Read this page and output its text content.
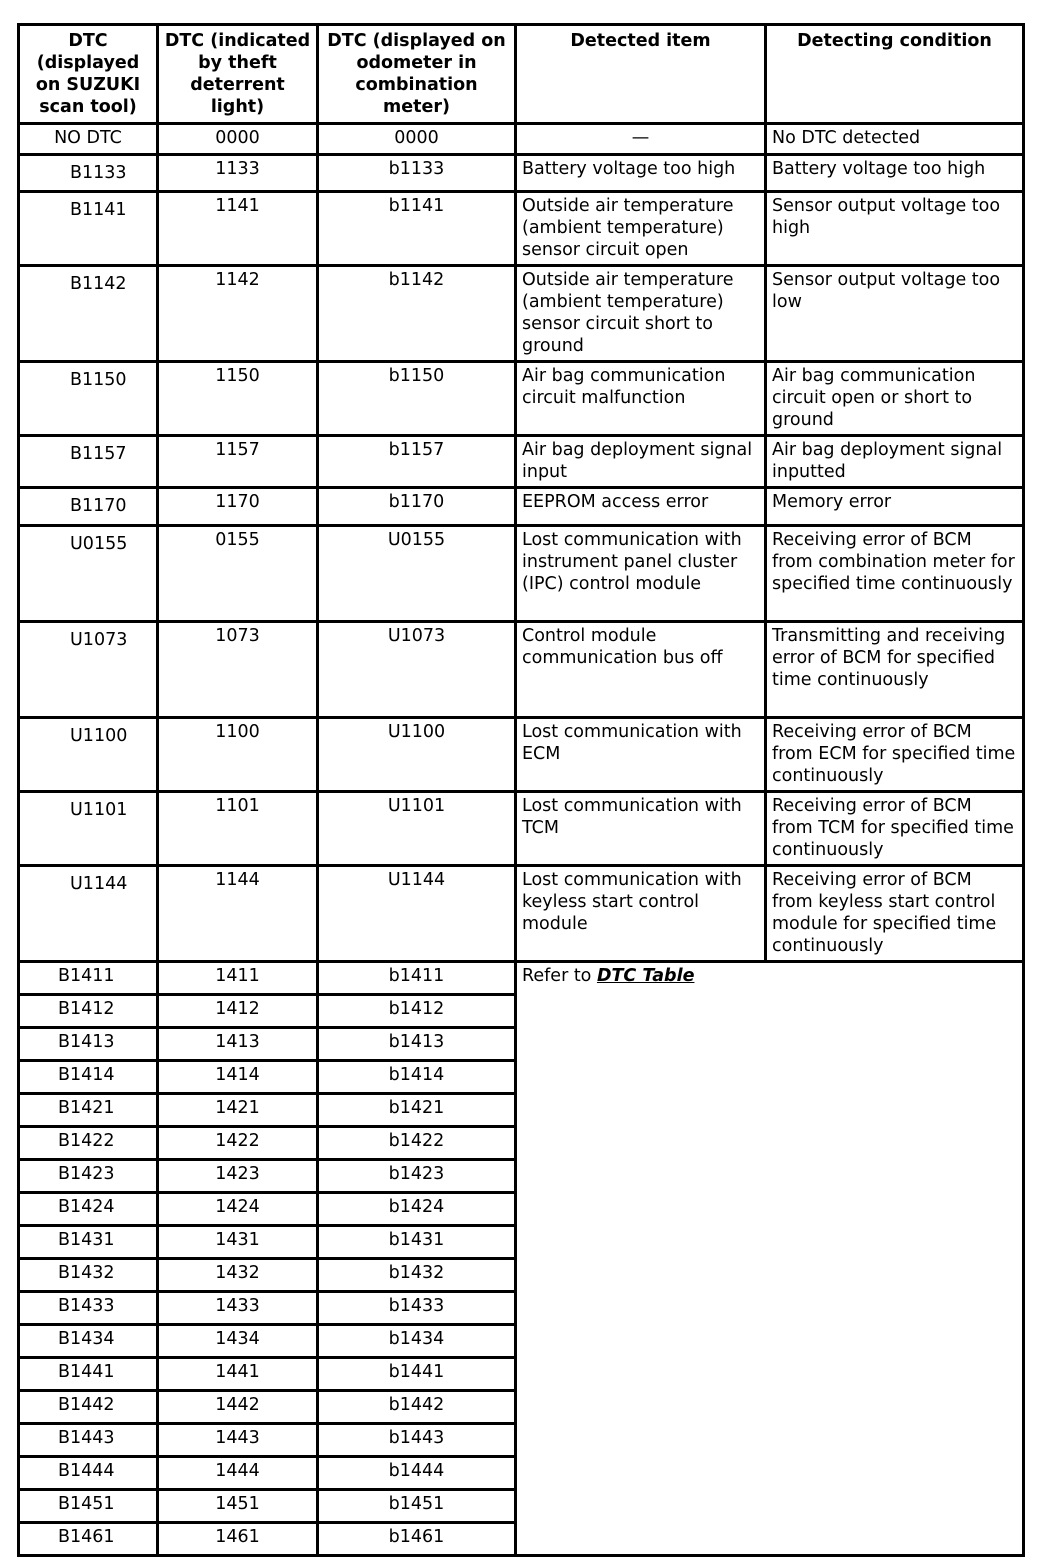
DTC (displayed on SUZUKI scan tool)	DTC (indicated by theft deterrent light)	DTC (displayed on odometer in combination meter)	Detected item	Detecting condition
NO DTC	0000	0000	—	No DTC detected
B1133	1133	b1133	Battery voltage too high	Battery voltage too high
B1141	1141	b1141	Outside air temperature (ambient temperature) sensor circuit open	Sensor output voltage too high
B1142	1142	b1142	Outside air temperature (ambient temperature) sensor circuit short to ground	Sensor output voltage too low
B1150	1150	b1150	Air bag communication circuit malfunction	Air bag communication circuit open or short to ground
B1157	1157	b1157	Air bag deployment signal input	Air bag deployment signal inputted
B1170	1170	b1170	EEPROM access error	Memory error
U0155	0155	U0155	Lost communication with instrument panel cluster (IPC) control module	Receiving error of BCM from combination meter for specified time continuously
U1073	1073	U1073	Control module communication bus off	Transmitting and receiving error of BCM for specified time continuously
U1100	1100	U1100	Lost communication with ECM	Receiving error of BCM from ECM for specified time continuously
U1101	1101	U1101	Lost communication with TCM	Receiving error of BCM from TCM for specified time continuously
U1144	1144	U1144	Lost communication with keyless start control module	Receiving error of BCM from keyless start control module for specified time continuously
B1411	1411	b1411	Refer to DTC Table	
B1412	1412	b1412		
B1413	1413	b1413		
B1414	1414	b1414		
B1421	1421	b1421		
B1422	1422	b1422		
B1423	1423	b1423		
B1424	1424	b1424		
B1431	1431	b1431		
B1432	1432	b1432		
B1433	1433	b1433		
B1434	1434	b1434		
B1441	1441	b1441		
B1442	1442	b1442		
B1443	1443	b1443		
B1444	1444	b1444		
B1451	1451	b1451		
B1461	1461	b1461		
